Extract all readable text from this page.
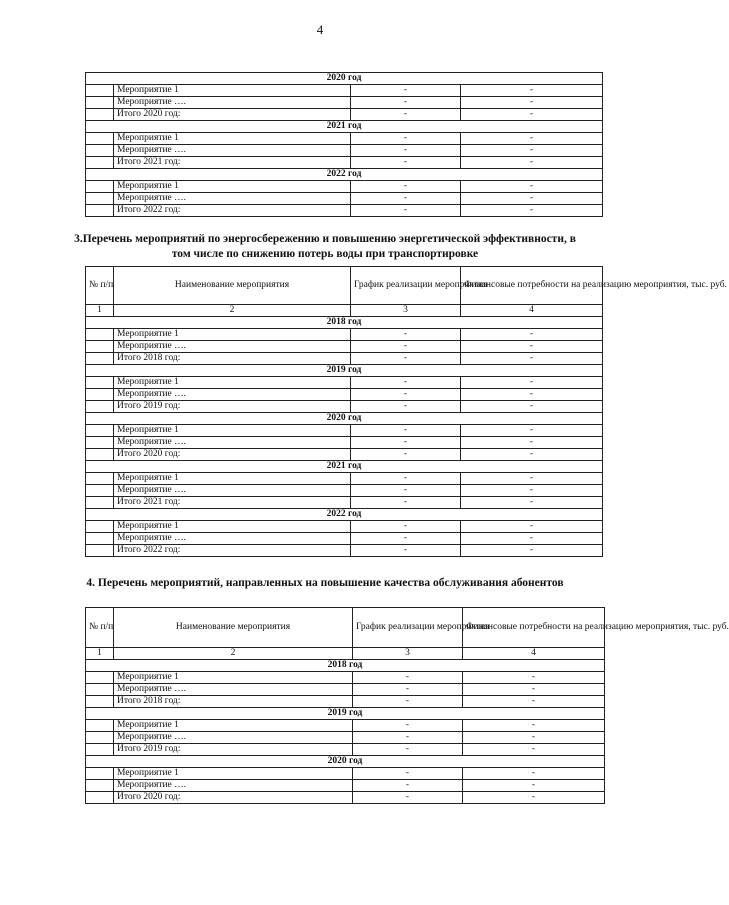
4
2020 год			
	Мероприятие 1	-	-
	Мероприятие ….	-	-
	Итого 2020 год:	-	-
2021 год			
	Мероприятие 1	-	-
	Мероприятие ….	-	-
	Итого 2021 год:	-	-
2022 год			
	Мероприятие 1	-	-
	Мероприятие ….	-	-
	Итого 2022 год:	-	-
3.Перечень мероприятий по энергосбережению и повышению энергетической эффективности, в том числе по снижению потерь воды при транспортировке
№ п/п	Наименование мероприятия	График реализации мероприятия	Финансовые потребности на реализацию мероприятия, тыс. руб.
1	2	3	4
2018 год			
	Мероприятие 1	-	-
	Мероприятие ….	-	-
	Итого 2018 год:	-	-
2019 год			
	Мероприятие 1	-	-
	Мероприятие ….	-	-
	Итого 2019 год:	-	-
2020 год			
	Мероприятие 1	-	-
	Мероприятие ….	-	-
	Итого 2020 год:	-	-
2021 год			
	Мероприятие 1	-	-
	Мероприятие ….	-	-
	Итого 2021 год:	-	-
2022 год			
	Мероприятие 1	-	-
	Мероприятие ….	-	-
	Итого 2022 год:	-	-
4. Перечень мероприятий, направленных на повышение качества обслуживания абонентов
№ п/п	Наименование мероприятия	График реализации мероприятия	Финансовые потребности на реализацию мероприятия, тыс. руб.
1	2	3	4
2018 год			
	Мероприятие 1	-	-
	Мероприятие ….	-	-
	Итого 2018 год:	-	-
2019 год			
	Мероприятие 1	-	-
	Мероприятие ….	-	-
	Итого 2019 год:	-	-
2020 год			
	Мероприятие 1	-	-
	Мероприятие ….	-	-
	Итого 2020 год:	-	-
